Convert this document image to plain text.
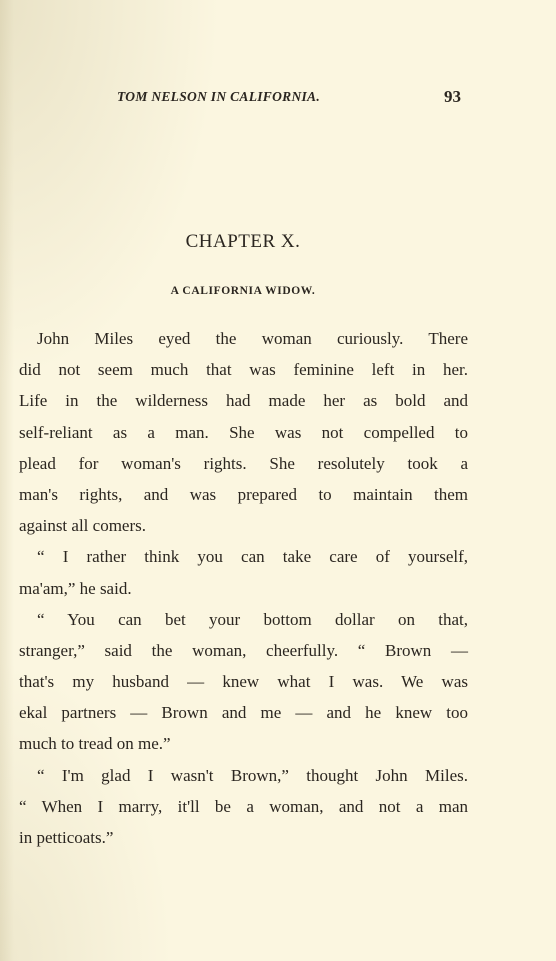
TOM NELSON IN CALIFORNIA.	93
CHAPTER X.
A CALIFORNIA WIDOW.
John Miles eyed the woman curiously. There
did not seem much that was feminine left in her.
Life in the wilderness had made her as bold and
self-reliant as a man. She was not compelled to
plead for woman's rights. She resolutely took a
man's rights, and was prepared to maintain them
against all comers.
“ I rather think you can take care of yourself,
ma'am,” he said.
“ You can bet your bottom dollar on that,
stranger,” said the woman, cheerfully. “ Brown —
that's my husband — knew what I was. We was
ekal partners — Brown and me — and he knew too
much to tread on me.”
“ I'm glad I wasn't Brown,” thought John Miles.
“ When I marry, it'll be a woman, and not a man
in petticoats.”
